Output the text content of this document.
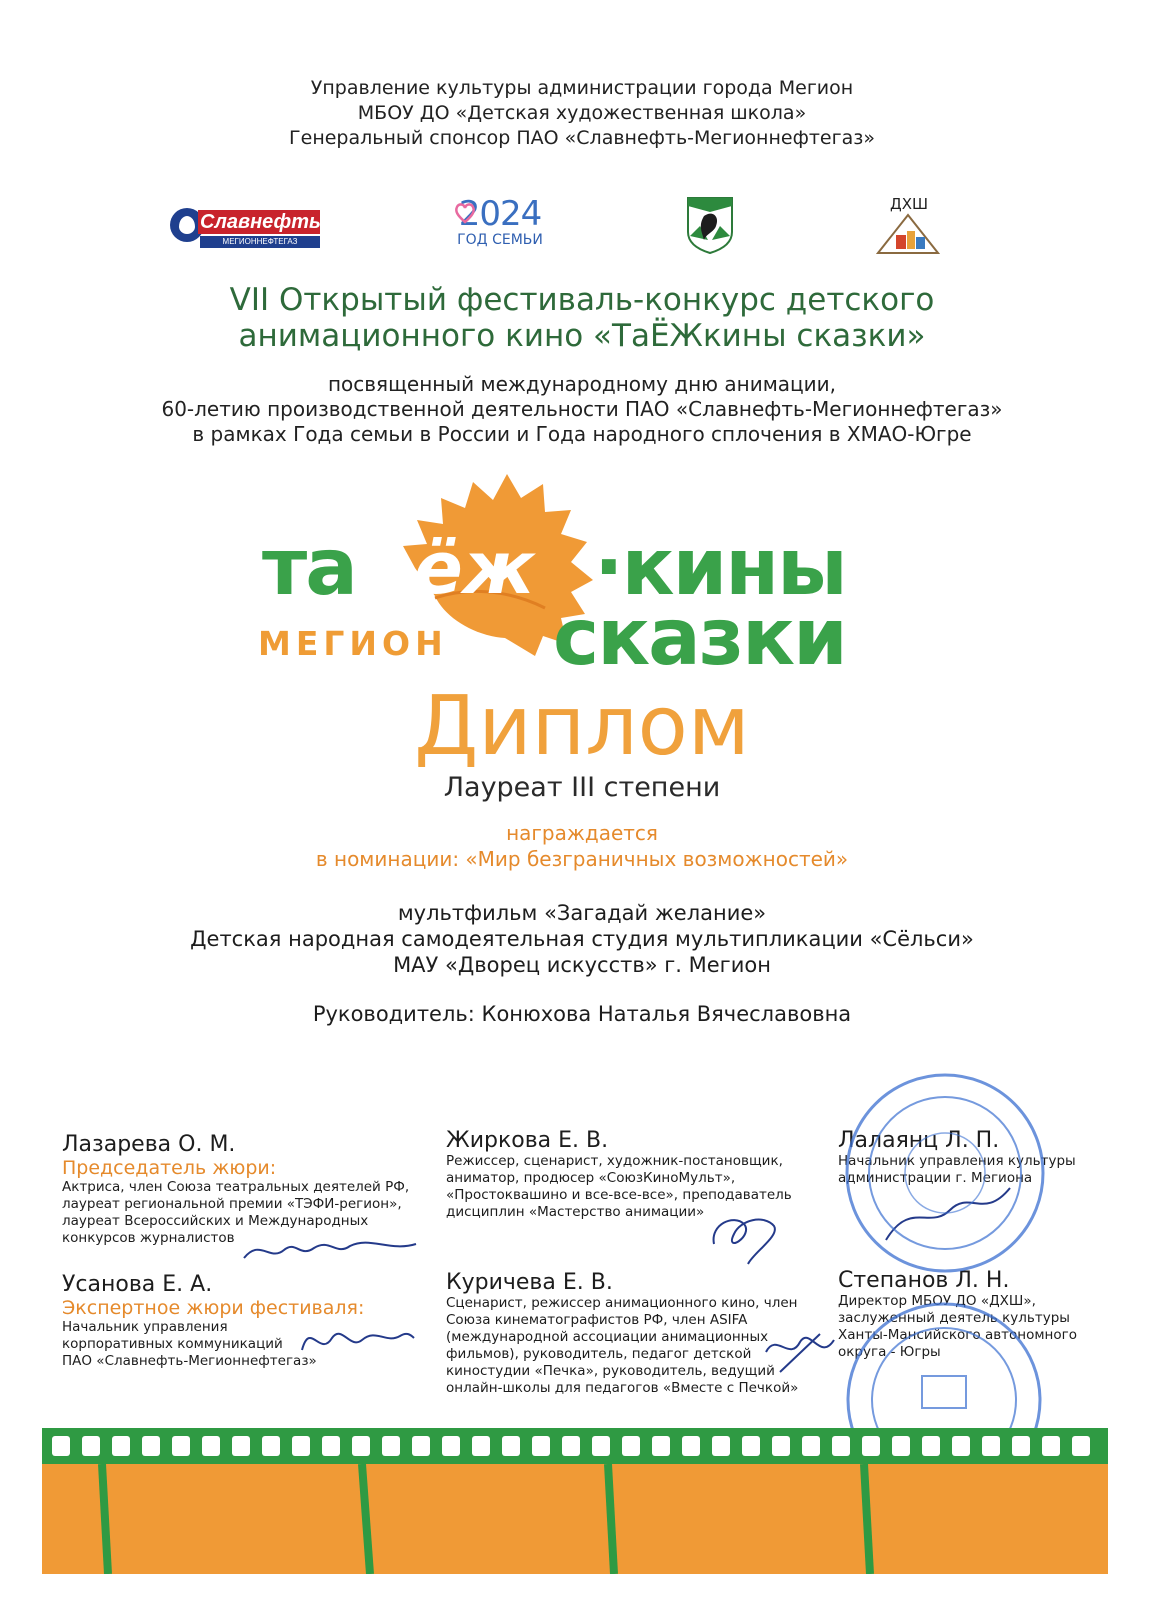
Управление культуры администрации города Мегион
МБОУ ДО «Детская художественная школа»
Генеральный спонсор ПАО «Славнефть-Мегионнефтегаз»
Славнефть
МЕГИОННЕФТЕГАЗ
2024
ГОД СЕМЬИ
ДХШ
VII Открытый фестиваль-конкурс детского
анимационного кино «ТаЁЖкины сказки»
посвященный международному дню анимации,
60-летию производственной деятельности ПАО «Славнефть-Мегионнефтегаз»
в рамках Года семьи в России и Года народного сплочения в ХМАО-Югре
та ёж ·кины
сказки
МЕГИОН
Диплом
Лауреат III степени
награждается
в номинации: «Мир безграничных возможностей»
мультфильм «Загадай желание»
Детская народная самодеятельная студия мультипликации «Сёльси»
МАУ «Дворец искусств» г. Мегион
Руководитель: Конюхова Наталья Вячеславовна
Лазарева О. М.
Председатель жюри:
Актриса, член Союза театральных деятелей РФ,
лауреат региональной премии «ТЭФИ-регион»,
лауреат Всероссийских и Международных
конкурсов журналистов
Жиркова Е. В.
Режиссер, сценарист, художник-постановщик,
аниматор, продюсер «СоюзКиноМульт»,
«Простоквашино и все-все-все», преподаватель
дисциплин «Мастерство анимации»
Лалаянц Л. П.
Начальник управления культуры
администрации г. Мегиона
Усанова Е. А.
Экспертное жюри фестиваля:
Начальник управления
корпоративных коммуникаций
ПАО «Славнефть-Мегионнефтегаз»
Куричева Е. В.
Сценарист, режиссер анимационного кино, член
Союза кинематографистов РФ, член ASIFA
(международной ассоциации анимационных
фильмов), руководитель, педагог детской
киностудии «Печка», руководитель, ведущий
онлайн-школы для педагогов «Вместе с Печкой»
Степанов Л. Н.
Директор МБОУ ДО «ДХШ»,
заслуженный деятель культуры
Ханты-Мансийского автономного
округа - Югры
